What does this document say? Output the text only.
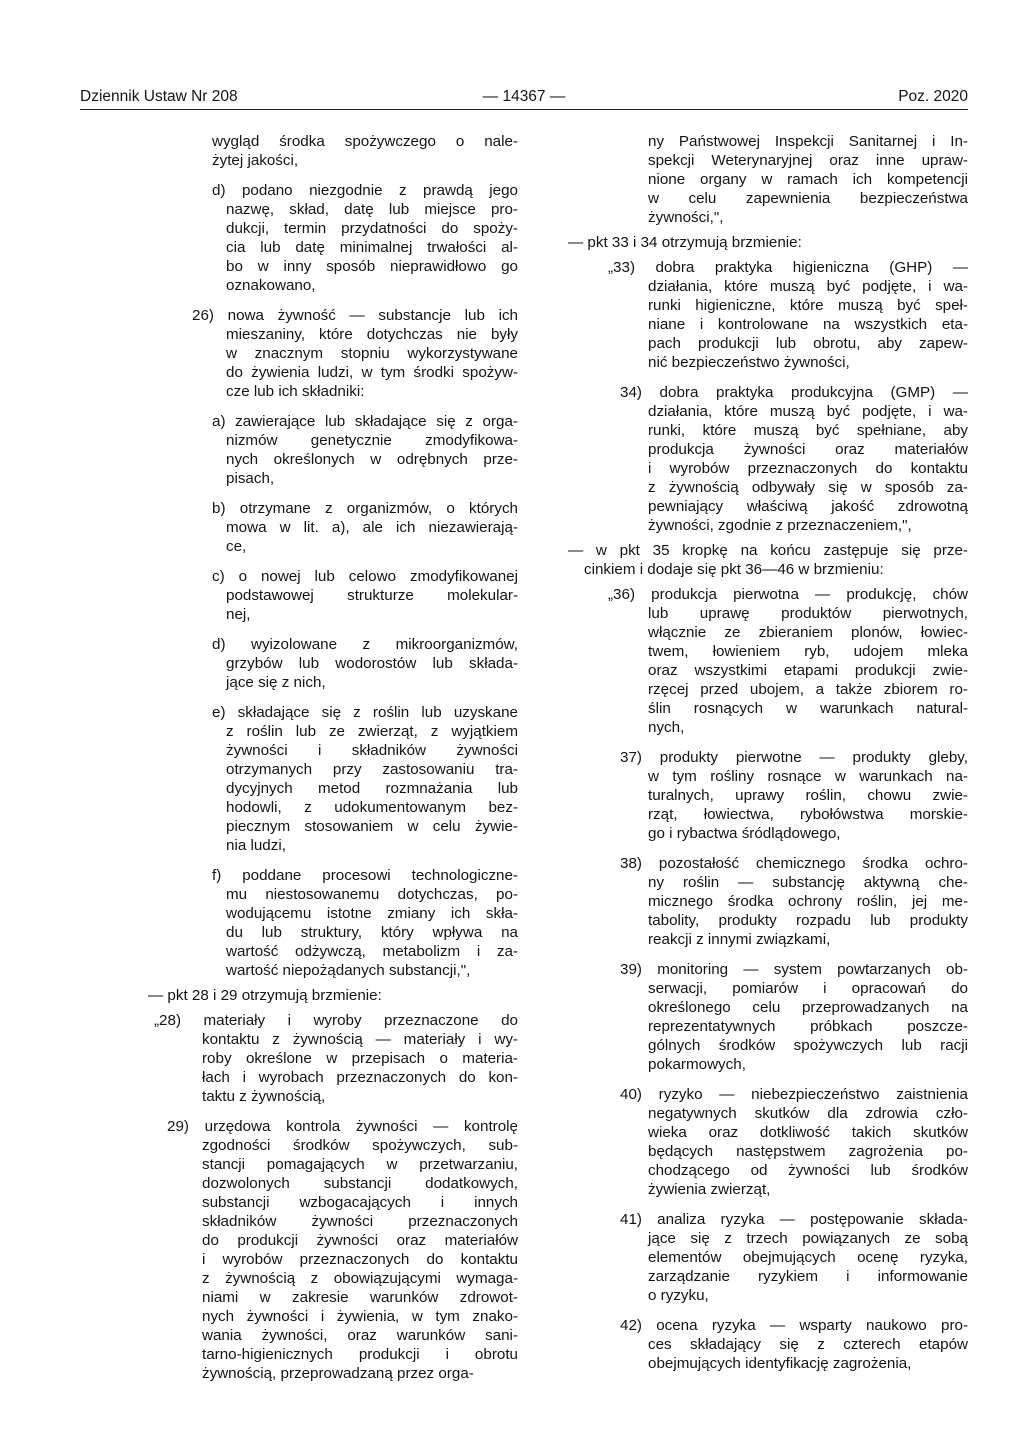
Dziennik Ustaw Nr 208	— 14367 —	Poz. 2020
wygląd środka spożywczego o nale-
żytej jakości,
d) podano niezgodnie z prawdą jego
nazwę, skład, datę lub miejsce pro-
dukcji, termin przydatności do spoży-
cia lub datę minimalnej trwałości al-
bo w inny sposób nieprawidłowo go
oznakowano,
26) nowa żywność — substancje lub ich
mieszaniny, które dotychczas nie były
w znacznym stopniu wykorzystywane
do żywienia ludzi, w tym środki spożyw-
cze lub ich składniki:
a) zawierające lub składające się z orga-
nizmów genetycznie zmodyfikowa-
nych określonych w odrębnych prze-
pisach,
b) otrzymane z organizmów, o których
mowa w lit. a), ale ich niezawierają-
ce,
c) o nowej lub celowo zmodyfikowanej
podstawowej strukturze molekular-
nej,
d) wyizolowane z mikroorganizmów,
grzybów lub wodorostów lub składa-
jące się z nich,
e) składające się z roślin lub uzyskane
z roślin lub ze zwierząt, z wyjątkiem
żywności i składników żywności
otrzymanych przy zastosowaniu tra-
dycyjnych metod rozmnażania lub
hodowli, z udokumentowanym bez-
piecznym stosowaniem w celu żywie-
nia ludzi,
f) poddane procesowi technologiczne-
mu niestosowanemu dotychczas, po-
wodującemu istotne zmiany ich skła-
du lub struktury, który wpływa na
wartość odżywczą, metabolizm i za-
wartość niepożądanych substancji,",
— pkt 28 i 29 otrzymują brzmienie:
„28) materiały i wyroby przeznaczone do
kontaktu z żywnością — materiały i wy-
roby określone w przepisach o materia-
łach i wyrobach przeznaczonych do kon-
taktu z żywnością,
29) urzędowa kontrola żywności — kontrolę
zgodności środków spożywczych, sub-
stancji pomagających w przetwarzaniu,
dozwolonych substancji dodatkowych,
substancji wzbogacających i innych
składników żywności przeznaczonych
do produkcji żywności oraz materiałów
i wyrobów przeznaczonych do kontaktu
z żywnością z obowiązującymi wymaga-
niami w zakresie warunków zdrowot-
nych żywności i żywienia, w tym znako-
wania żywności, oraz warunków sani-
tarno-higienicznych produkcji i obrotu
żywnością, przeprowadzaną przez orga-
ny Państwowej Inspekcji Sanitarnej i In-
spekcji Weterynaryjnej oraz inne upraw-
nione organy w ramach ich kompetencji
w celu zapewnienia bezpieczeństwa
żywności,",
— pkt 33 i 34 otrzymują brzmienie:
„33) dobra praktyka higieniczna (GHP) —
działania, które muszą być podjęte, i wa-
runki higieniczne, które muszą być speł-
niane i kontrolowane na wszystkich eta-
pach produkcji lub obrotu, aby zapew-
nić bezpieczeństwo żywności,
34) dobra praktyka produkcyjna (GMP) —
działania, które muszą być podjęte, i wa-
runki, które muszą być spełniane, aby
produkcja żywności oraz materiałów
i wyrobów przeznaczonych do kontaktu
z żywnością odbywały się w sposób za-
pewniający właściwą jakość zdrowotną
żywności, zgodnie z przeznaczeniem,",
— w pkt 35 kropkę na końcu zastępuje się prze-
cinkiem i dodaje się pkt 36—46 w brzmieniu:
„36) produkcja pierwotna — produkcję, chów
lub uprawę produktów pierwotnych,
włącznie ze zbieraniem plonów, łowiec-
twem, łowieniem ryb, udojem mleka
oraz wszystkimi etapami produkcji zwie-
rzęcej przed ubojem, a także zbiorem ro-
ślin rosnących w warunkach natural-
nych,
37) produkty pierwotne — produkty gleby,
w tym rośliny rosnące w warunkach na-
turalnych, uprawy roślin, chowu zwie-
rząt, łowiectwa, rybołówstwa morskie-
go i rybactwa śródlądowego,
38) pozostałość chemicznego środka ochro-
ny roślin — substancję aktywną che-
micznego środka ochrony roślin, jej me-
tabolity, produkty rozpadu lub produkty
reakcji z innymi związkami,
39) monitoring — system powtarzanych ob-
serwacji, pomiarów i opracowań do
określonego celu przeprowadzanych na
reprezentatywnych próbkach poszcze-
gólnych środków spożywczych lub racji
pokarmowych,
40) ryzyko — niebezpieczeństwo zaistnienia
negatywnych skutków dla zdrowia czło-
wieka oraz dotkliwość takich skutków
będących następstwem zagrożenia po-
chodzącego od żywności lub środków
żywienia zwierząt,
41) analiza ryzyka — postępowanie składa-
jące się z trzech powiązanych ze sobą
elementów obejmujących ocenę ryzyka,
zarządzanie ryzykiem i informowanie
o ryzyku,
42) ocena ryzyka — wsparty naukowo pro-
ces składający się z czterech etapów
obejmujących identyfikację zagrożenia,
